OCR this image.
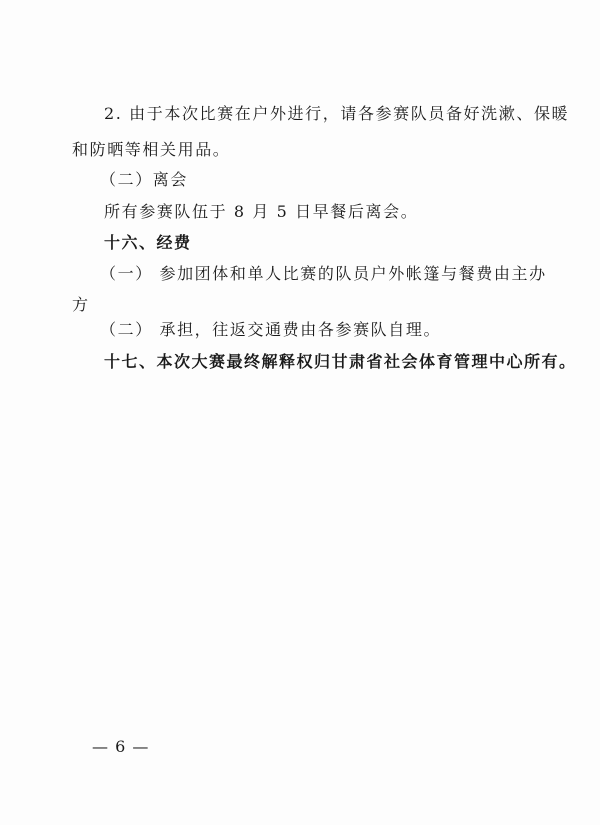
2. 由于本次比赛在户外进行，请各参赛队员备好洗漱、保暖
和防晒等相关用品。
（二）离会
所有参赛队伍于 8 月 5 日早餐后离会。
十六、经费
（一） 参加团体和单人比赛的队员户外帐篷与餐费由主办
方
（二） 承担，往返交通费由各参赛队自理。
十七、本次大赛最终解释权归甘肃省社会体育管理中心所有。
— 6 —
